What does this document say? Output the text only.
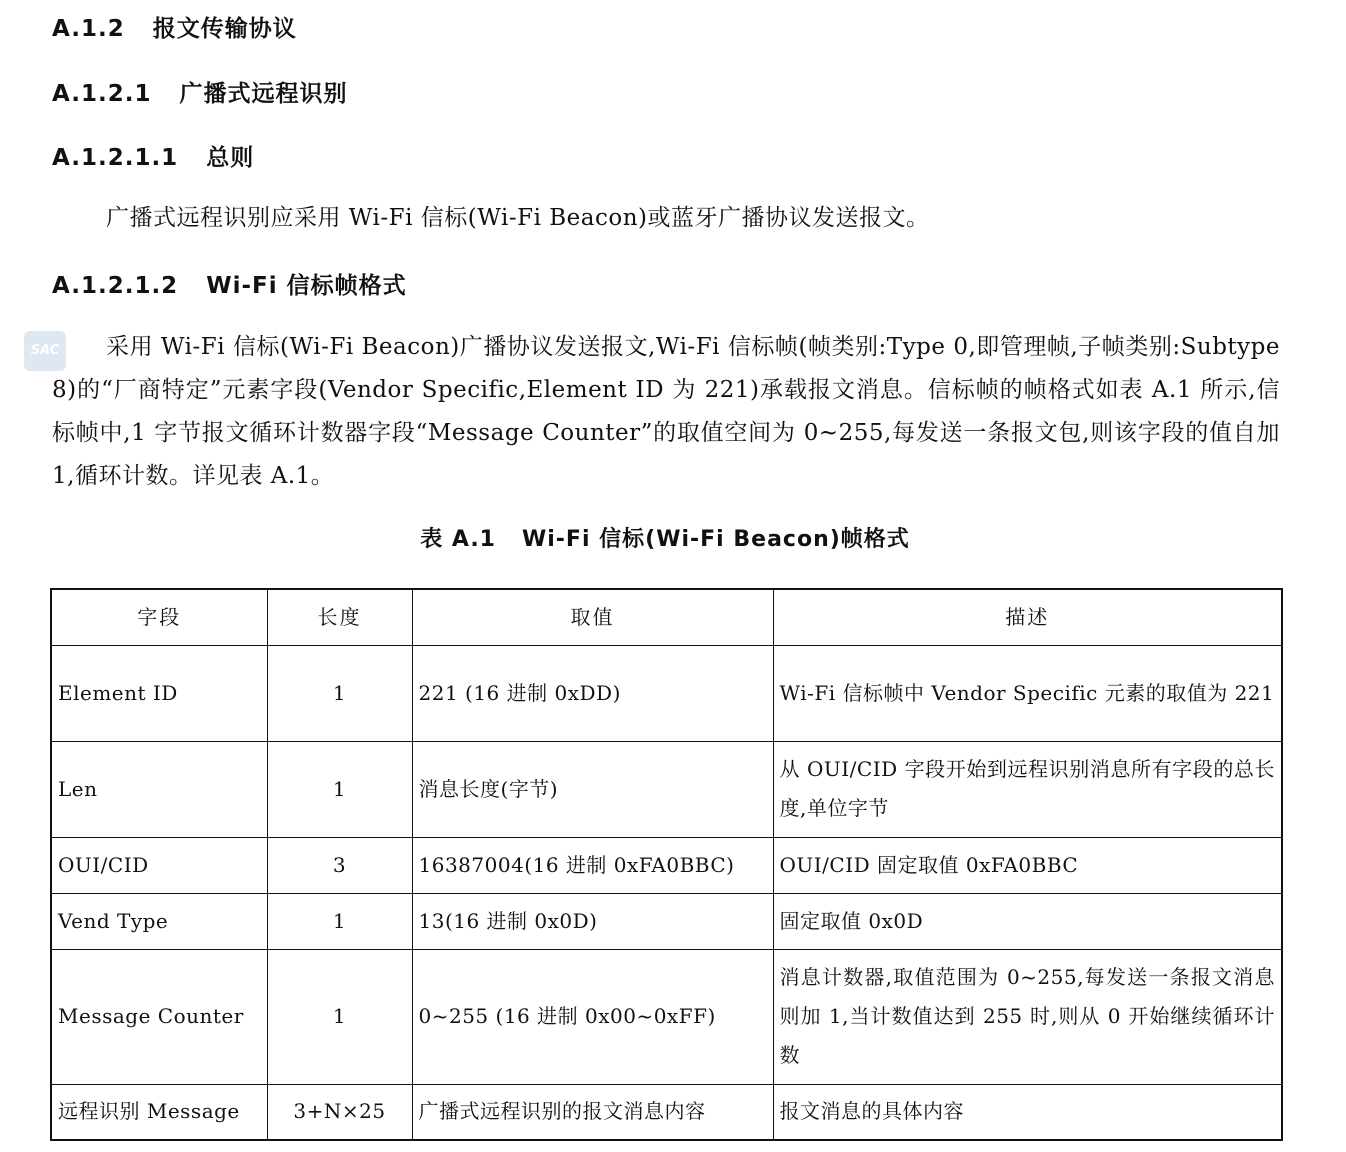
A.1.2 报文传输协议
A.1.2.1 广播式远程识别
A.1.2.1.1 总则
广播式远程识别应采用 Wi-Fi 信标(Wi-Fi Beacon)或蓝牙广播协议发送报文。
A.1.2.1.2 Wi-Fi 信标帧格式
SAC	采用 Wi-Fi 信标(Wi-Fi Beacon)广播协议发送报文,Wi-Fi 信标帧(帧类别:Type 0,即管理帧,子帧类别:Subtype 8)的“厂商特定”元素字段(Vendor Specific,Element ID 为 221)承载报文消息。信标帧的帧格式如表 A.1 所示,信标帧中,1 字节报文循环计数器字段“Message Counter”的取值空间为 0~255,每发送一条报文包,则该字段的值自加 1,循环计数。详见表 A.1。
表 A.1 Wi-Fi 信标(Wi-Fi Beacon)帧格式
字段	长度	取值	描述
Element ID	1	221 (16 进制 0xDD)	Wi-Fi 信标帧中 Vendor Specific 元素的取值为 221
Len	1	消息长度(字节)	从 OUI/CID 字段开始到远程识别消息所有字段的总长度,单位字节
OUI/CID	3	16387004(16 进制 0xFA0BBC)	OUI/CID 固定取值 0xFA0BBC
Vend Type	1	13(16 进制 0x0D)	固定取值 0x0D
Message Counter	1	0~255 (16 进制 0x00~0xFF)	消息计数器,取值范围为 0~255,每发送一条报文消息则加 1,当计数值达到 255 时,则从 0 开始继续循环计数
远程识别 Message	3+N×25	广播式远程识别的报文消息内容	报文消息的具体内容
